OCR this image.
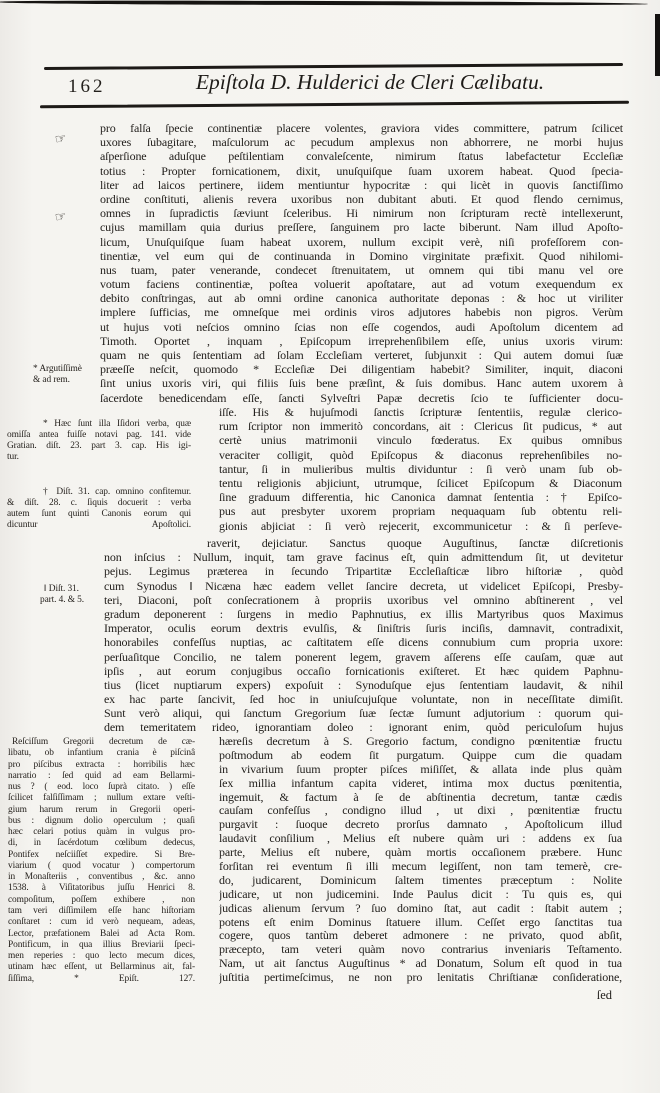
162	Epiſtola D. Hulderici de Cleri Cælibatu.
☞
☞
pro falſa ſpecie continentiæ placere volentes, graviora vides committere, patrum ſcilicet
uxores ſubagitare, maſculorum ac pecudum amplexus non abhorrere, ne morbi hujus
aſperſione aduſque peſtilentiam convaleſcente, nimirum ſtatus labefactetur Eccleſiæ
totius : Propter fornicationem, dixit, unuſquiſque ſuam uxorem habeat. Quod ſpecia-
liter ad laicos pertinere, iidem mentiuntur hypocritæ : qui licèt in quovis ſanctiſſimo
ordine conſtituti, alienis revera uxoribus non dubitant abuti. Et quod flendo cernimus,
omnes in ſupradictis ſæviunt ſceleribus. Hi nimirum non ſcripturam rectè intellexerunt,
cujus mamillam quia durius preſſere, ſanguinem pro lacte biberunt. Nam illud Apoſto-
licum, Unuſquiſque ſuam habeat uxorem, nullum excipit verè, niſi profeſſorem con-
tinentiæ, vel eum qui de continuanda in Domino virginitate præfixit. Quod nihilomi-
nus tuam, pater venerande, condecet ſtrenuitatem, ut omnem qui tibi manu vel ore
votum faciens continentiæ, poſtea voluerit apoſtatare, aut ad votum exequendum ex
debito conſtringas, aut ab omni ordine canonica authoritate deponas : & hoc ut viriliter
implere ſufficias, me omneſque mei ordinis viros adjutores habebis non pigros. Verùm
ut hujus voti neſcios omnino ſcias non eſſe cogendos, audi Apoſtolum dicentem ad
Timoth. Oportet , inquam , Epiſcopum irreprehenſibilem eſſe, unius uxoris virum:
quam ne quis ſententiam ad ſolam Eccleſiam verteret, ſubjunxit : Qui autem domui ſuæ
præeſſe neſcit, quomodo * Eccleſiæ Dei diligentiam habebit? Similiter, inquit, diaconi
ſint unius uxoris viri, qui filiis ſuis bene præſint, & ſuis domibus. Hanc autem uxorem à
ſacerdote benedicendam eſſe, ſancti Sylveſtri Papæ decretis ſcio te ſufficienter docu-
iſſe. His & hujuſmodi ſanctis ſcripturæ ſententiis, regulæ clerico-
rum ſcriptor non immeritò concordans, ait : Clericus ſit pudicus, * aut
certè unius matrimonii vinculo fœderatus. Ex quibus omnibus
veraciter colligit, quòd Epiſcopus & diaconus reprehenſibiles no-
tantur, ſi in mulieribus multis dividuntur : ſi verò unam ſub ob-
tentu religionis abjiciunt, utrumque, ſcilicet Epiſcopum & Diaconum
ſine graduum differentia, hic Canonica damnat ſententia : † Epiſco-
pus aut presbyter uxorem propriam nequaquam ſub obtentu reli-
gionis abjiciat : ſi verò rejecerit, excommunicetur : & ſi perſeve-
raverit, dejiciatur. Sanctus quoque Auguſtinus, ſanctæ diſcretionis
non inſcius : Nullum, inquit, tam grave facinus eſt, quin admittendum ſit, ut devitetur
pejus. Legimus præterea in ſecundo Tripartitæ Eccleſiaſticæ libro hiſtoriæ , quòd
cum Synodus ‖ Nicæna hæc eadem vellet ſancire decreta, ut videlicet Epiſcopi, Presby-
teri, Diaconi, poſt conſecrationem à propriis uxoribus vel omnino abſtinerent , vel
gradum deponerent : ſurgens in medio Paphnutius, ex illis Martyribus quos Maximus
Imperator, oculis eorum dextris evulſis, & ſiniſtris ſuris inciſis, damnavit, contradixit,
honorabiles confeſſus nuptias, ac caſtitatem eſſe dicens connubium cum propria uxore:
perſuaſitque Concilio, ne talem ponerent legem, gravem aſſerens eſſe cauſam, quæ aut
ipſis , aut eorum conjugibus occaſio fornicationis exiſteret. Et hæc quidem Paphnu-
tius (licet nuptiarum expers) expoſuit : Synoduſque ejus ſententiam laudavit, & nihil
ex hac parte ſancivit, ſed hoc in uniuſcujuſque voluntate, non in neceſſitate dimiſit.
Sunt verò aliqui, qui ſanctum Gregorium ſuæ ſectæ ſumunt adjutorium : quorum qui-
dem temeritatem rideo, ignorantiam doleo : ignorant enim, quòd periculoſum hujus
hæreſis decretum à S. Gregorio factum, condigno pœnitentiæ fructu
poſtmodum ab eodem ſit purgatum. Quippe cum die quadam
in vivarium ſuum propter piſces miſiſſet, & allata inde plus quàm
ſex millia infantum capita videret, intima mox ductus pœnitentia,
ingemuit, & factum à ſe de abſtinentia decretum, tantæ cædis
cauſam confeſſus , condigno illud , ut dixi , pœnitentiæ fructu
purgavit : ſuoque decreto prorſus damnato , Apoſtolicum illud
laudavit conſilium , Melius eſt nubere quàm uri : addens ex ſua
parte, Melius eſt nubere, quàm mortis occaſionem præbere. Hunc
forſitan rei eventum ſi illi mecum legiſſent, non tam temerè, cre-
do, judicarent, Dominicum ſaltem timentes præceptum : Nolite
judicare, ut non judicemini. Inde Paulus dicit : Tu quis es, qui
judicas alienum ſervum ? ſuo domino ſtat, aut cadit : ſtabit autem ;
potens eſt enim Dominus ſtatuere illum. Ceſſet ergo ſanctitas tua
cogere, quos tantùm deberet admonere : ne privato, quod abſit,
præcepto, tam veteri quàm novo contrarius inveniaris Teſtamento.
Nam, ut ait ſanctus Auguſtinus * ad Donatum, Solum eſt quod in tua
juſtitia pertimeſcimus, ne non pro lenitatis Chriſtianæ conſideratione,
* Argutiſſimè
& ad rem.
* Hæc ſunt illa Iſidori verba, quæ
omiſſa antea fuiſſe notavi pag. 141. vide
Gratian. diſt. 23. part 3. cap. His igi-
tur.
† Diſt. 31. cap. omnino confitemur.
& diſt. 28. c. ſiquis docuerit : verba
autem ſunt quinti Canonis eorum qui
dicuntur Apoſtolici.
‖ Diſt. 31.
part. 4. & 5.
Reſciſſum Gregorii decretum de cæ-
libatu, ob infantium crania è piſcinâ
pro piſcibus extracta : horribilis hæc
narratio : ſed quid ad eam Bellarmi-
nus ? ( eod. loco ſuprà citato. ) eſſe
ſcilicet falſiſſimam ; nullum extare veſti-
gium harum rerum in Gregorii operi-
bus : dignum dolio operculum ; quaſi
hæc celari potius quàm in vulgus pro-
di, in ſacérdotum cœlibum dedecus,
Pontifex neſciiſſet expedire. Si Bre-
viarium ( quod vocatur ) compertorum
in Monaſteriis , conventibus , &c. anno
1538. à Viſitatoribus juſſu Henrici 8.
compoſitum, poſſem exhibere , non
tam veri diſſimilem eſſe hanc hiſtoriam
conſtaret : cum id verò nequeam, adeas,
Lector, præfationem Balei ad Acta Rom.
Pontificum, in qua illius Breviarii ſpeci-
men reperies : quo lecto mecum dices,
utinam hæc eſſent, ut Bellarminus ait, fal-
ſiſſima, * Epiſt. 127.
ſed
